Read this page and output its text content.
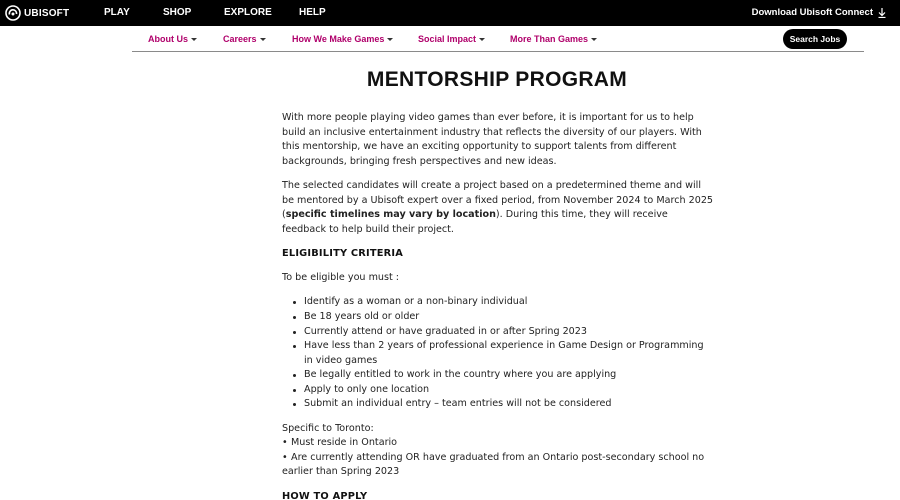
UBISOFT	PLAY	SHOP	EXPLORE	HELP	Download Ubisoft Connect
About Us	Careers	How We Make Games	Social Impact	More Than Games	Search Jobs
MENTORSHIP PROGRAM

With more people playing video games than ever before, it is important for us to help build an inclusive entertainment industry that reflects the diversity of our players. With this mentorship, we have an exciting opportunity to support talents from different backgrounds, bringing fresh perspectives and new ideas.

The selected candidates will create a project based on a predetermined theme and will be mentored by a Ubisoft expert over a fixed period, from November 2024 to March 2025 (specific timelines may vary by location). During this time, they will receive feedback to help build their project.

ELIGIBILITY CRITERIA

To be eligible you must :

Identify as a woman or a non-binary individual
Be 18 years old or older
Currently attend or have graduated in or after Spring 2023
Have less than 2 years of professional experience in Game Design or Programming in video games
Be legally entitled to work in the country where you are applying
Apply to only one location
Submit an individual entry – team entries will not be considered

Specific to Toronto:
• Must reside in Ontario
• Are currently attending OR have graduated from an Ontario post-secondary school no earlier than Spring 2023

HOW TO APPLY
